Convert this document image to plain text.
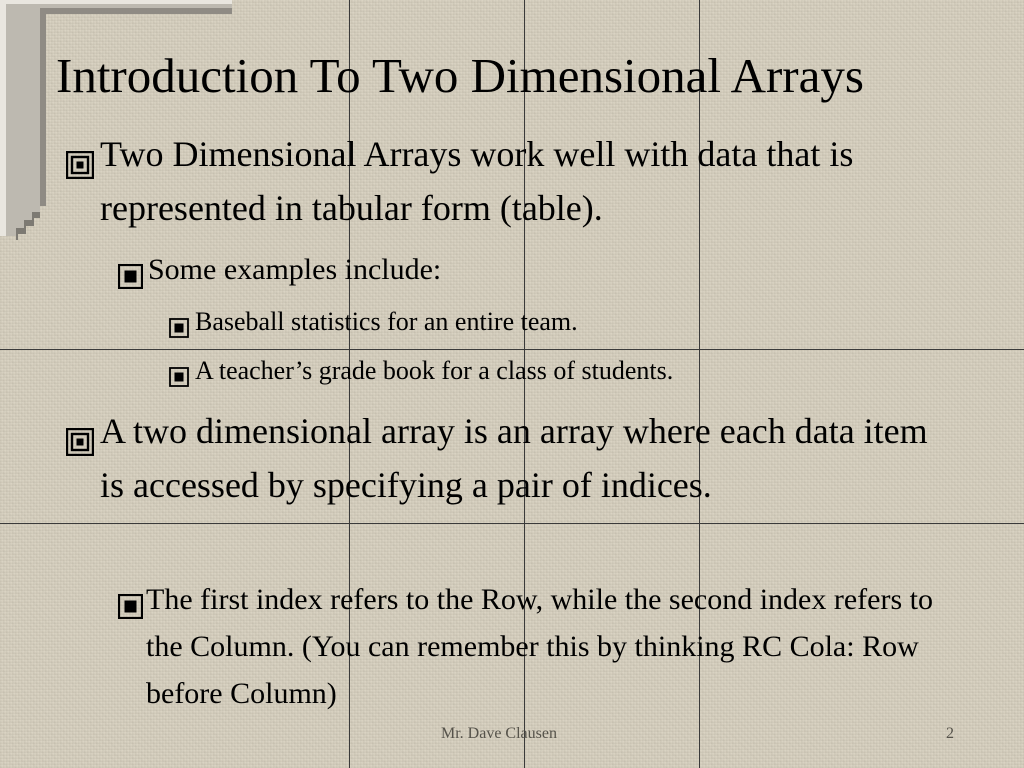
Introduction To Two Dimensional Arrays
Two Dimensional Arrays work well with data that is represented in tabular form (table).
Some examples include:
Baseball statistics for an entire team.
A teacher’s grade book for a class of students.
A two dimensional array is an array where each data item is accessed by specifying a pair of indices.
The first index refers to the Row, while the second index refers to the Column. (You can remember this by thinking RC Cola: Row before Column)
Mr. Dave Clausen	2
